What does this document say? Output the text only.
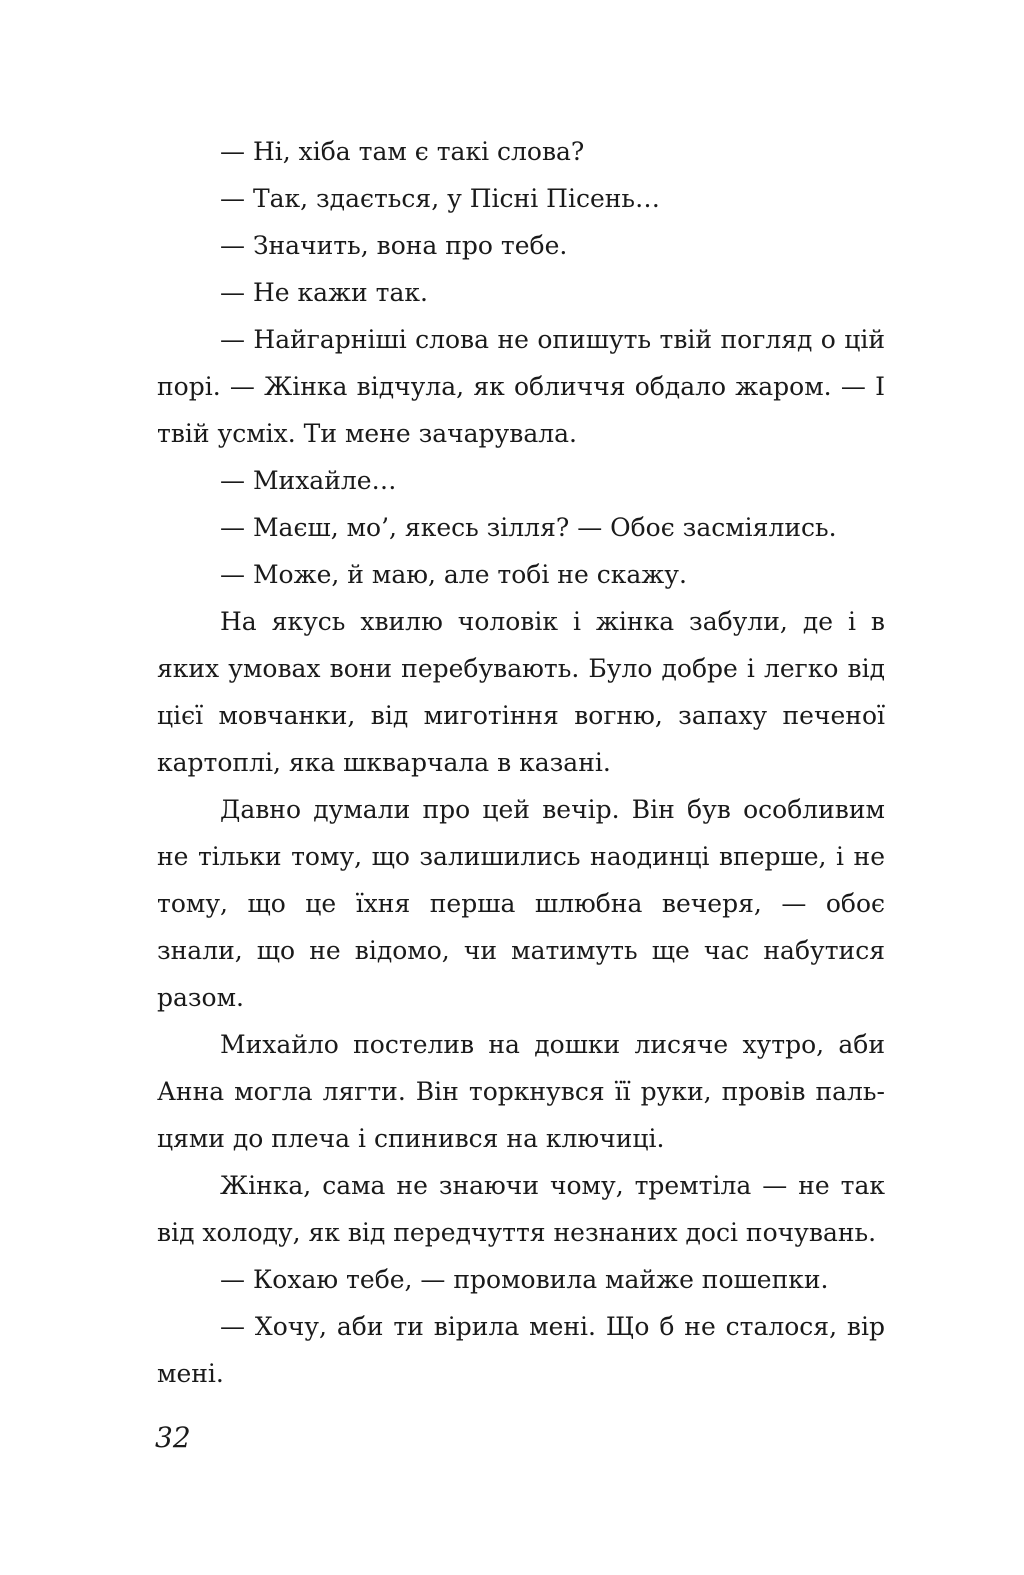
— Ні, хіба там є такі слова?

— Так, здається, у Пісні Пісень…

— Значить, вона про тебе.

— Не кажи так.

— Найгарніші слова не опишуть твій погляд о цій порі. — Жінка відчула, як обличчя обдало жаром. — І твій усміх. Ти мене зачарувала.

— Михайле…

— Маєш, мо’, якесь зілля? — Обоє засміялись.

— Може, й маю, але тобі не скажу.

На якусь хвилю чоловік і жінка забули, де і в яких умовах вони перебувають. Було добре і легко від цієї мовчанки, від миготіння вогню, запаху печеної картоплі, яка шкварчала в казані.

Давно думали про цей вечір. Він був особливим не тільки тому, що залишились наодинці вперше, і не тому, що це їхня перша шлюбна вечеря, — обоє знали, що не відомо, чи матимуть ще час набутися разом.

Михайло постелив на дошки лисяче хутро, аби Анна могла лягти. Він торкнувся її руки, провів пальцями до плеча і спинився на ключиці.

Жінка, сама не знаючи чому, тремтіла — не так від холоду, як від передчуття незнаних досі почувань.

— Кохаю тебе, — промовила майже пошепки.

— Хочу, аби ти вірила мені. Що б не сталося, вір мені.

32
